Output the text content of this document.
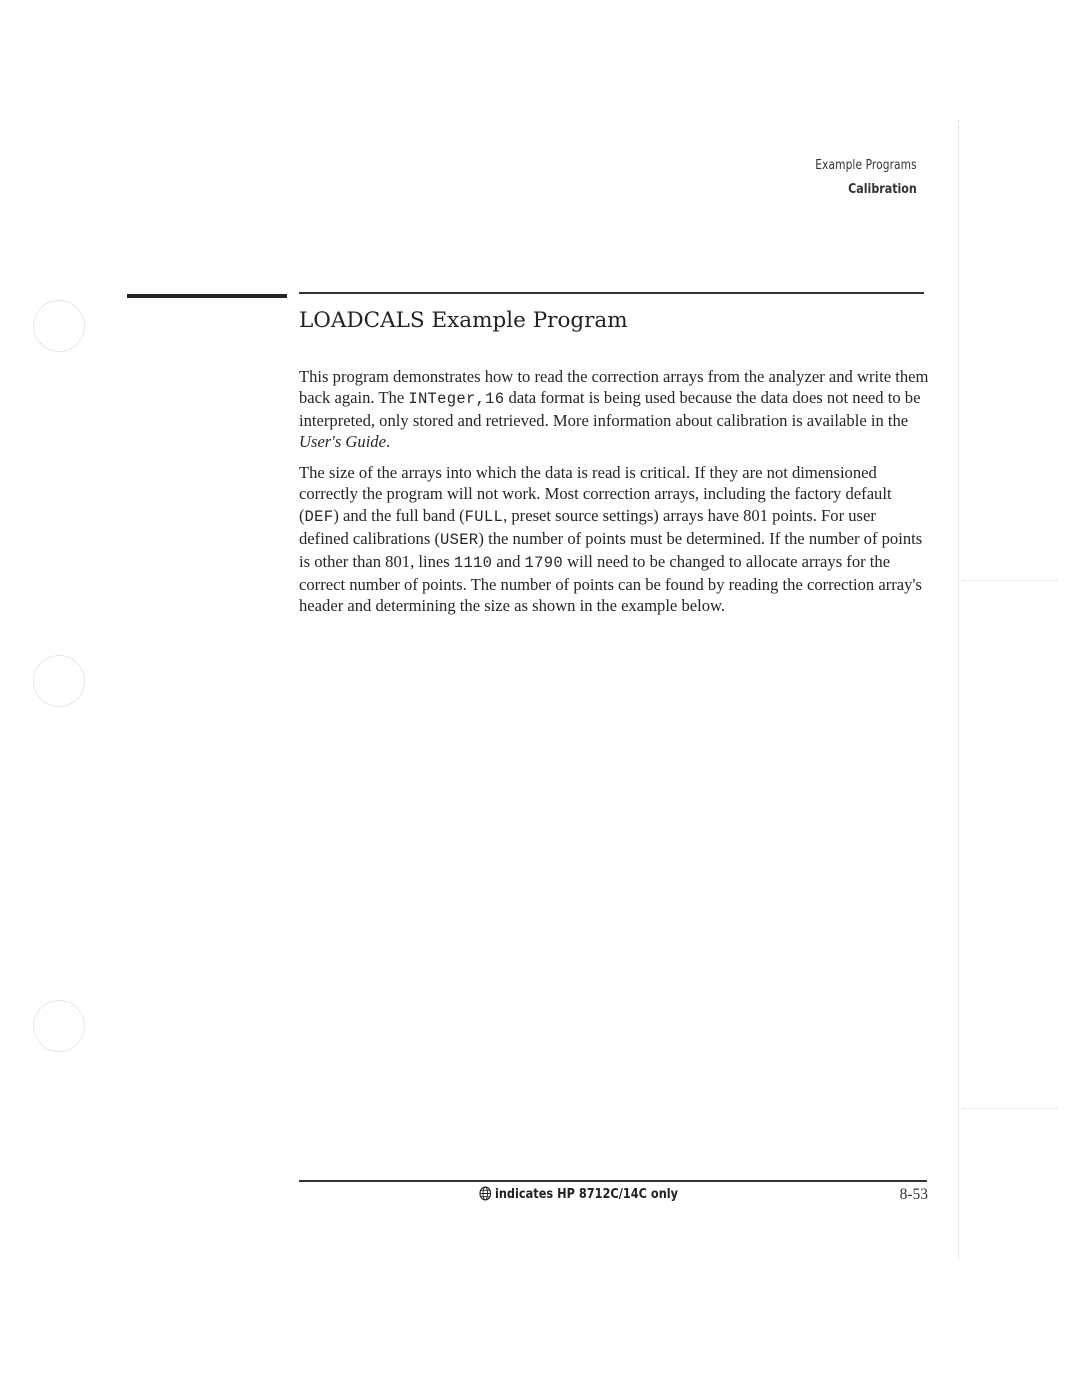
Example Programs
Calibration
LOADCALS Example Program

This program demonstrates how to read the correction arrays from the analyzer and write them back again. The INTeger,16 data format is being used because the data does not need to be interpreted, only stored and retrieved. More information about calibration is available in the User's Guide.

The size of the arrays into which the data is read is critical. If they are not dimensioned correctly the program will not work. Most correction arrays, including the factory default (DEF) and the full band (FULL, preset source settings) arrays have 801 points. For user defined calibrations (USER) the number of points must be determined. If the number of points is other than 801, lines 1110 and 1790 will need to be changed to allocate arrays for the correct number of points. The number of points can be found by reading the correction array's header and determining the size as shown in the example below.

indicates HP 8712C/14C only	8-53
